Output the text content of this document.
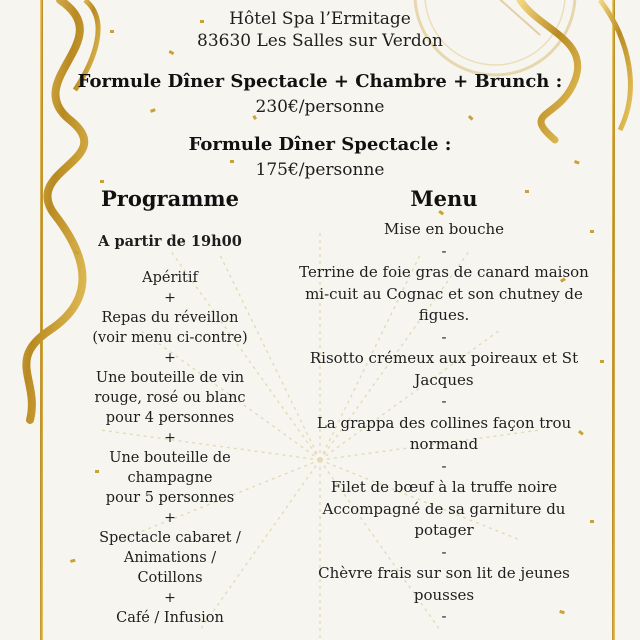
Hôtel Spa l’Ermitage
83630 Les Salles sur Verdon
Formule Dîner Spectacle + Chambre + Brunch :
230€/personne
Formule Dîner Spectacle :
175€/personne
Programme
A partir de 19h00
Apéritif
+
Repas du réveillon
(voir menu ci-contre)
+
Une bouteille de vin
rouge, rosé ou blanc
pour 4 personnes
+
Une bouteille de
champagne
pour 5 personnes
+
Spectacle cabaret /
Animations /
Cotillons
+
Café / Infusion
Menu
Mise en bouche
-
Terrine de foie gras de canard maison
mi-cuit au Cognac et son chutney de
figues.
-
Risotto crémeux aux poireaux et St
Jacques
-
La grappa des collines façon trou
normand
-
Filet de bœuf à la truffe noire
Accompagné de sa garniture du
potager
-
Chèvre frais sur son lit de jeunes
pousses
-
